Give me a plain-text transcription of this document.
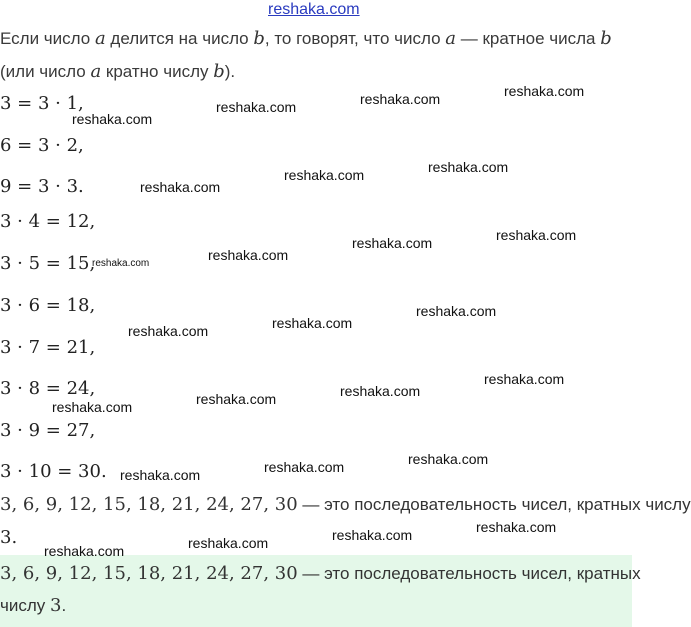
reshaka.com
Если число a делится на число b, то говорят, что число a — кратное числа b
(или число a кратно числу b).
3 = 3 · 1,
6 = 3 · 2,
9 = 3 · 3.
3 · 4 = 12,
3 · 5 = 15,
3 · 6 = 18,
3 · 7 = 21,
3 · 8 = 24,
3 · 9 = 27,
3 · 10 = 30.
3, 6, 9, 12, 15, 18, 21, 24, 27, 30 — это последовательность чисел, кратных числу
3.
3, 6, 9, 12, 15, 18, 21, 24, 27, 30 — это последовательность чисел, кратных
числу 3.
reshaka.com
reshaka.com	reshaka.com	reshaka.com
reshaka.com
reshaka.com	reshaka.com
reshaka.com
reshaka.com
reshaka.com	reshaka.com
reshaka.com	reshaka.com
reshaka.com
reshaka.com
reshaka.com
reshaka.com
reshaka.com
reshaka.com	reshaka.com	reshaka.com
reshaka.com
reshaka.com
reshaka.com
reshaka.com
